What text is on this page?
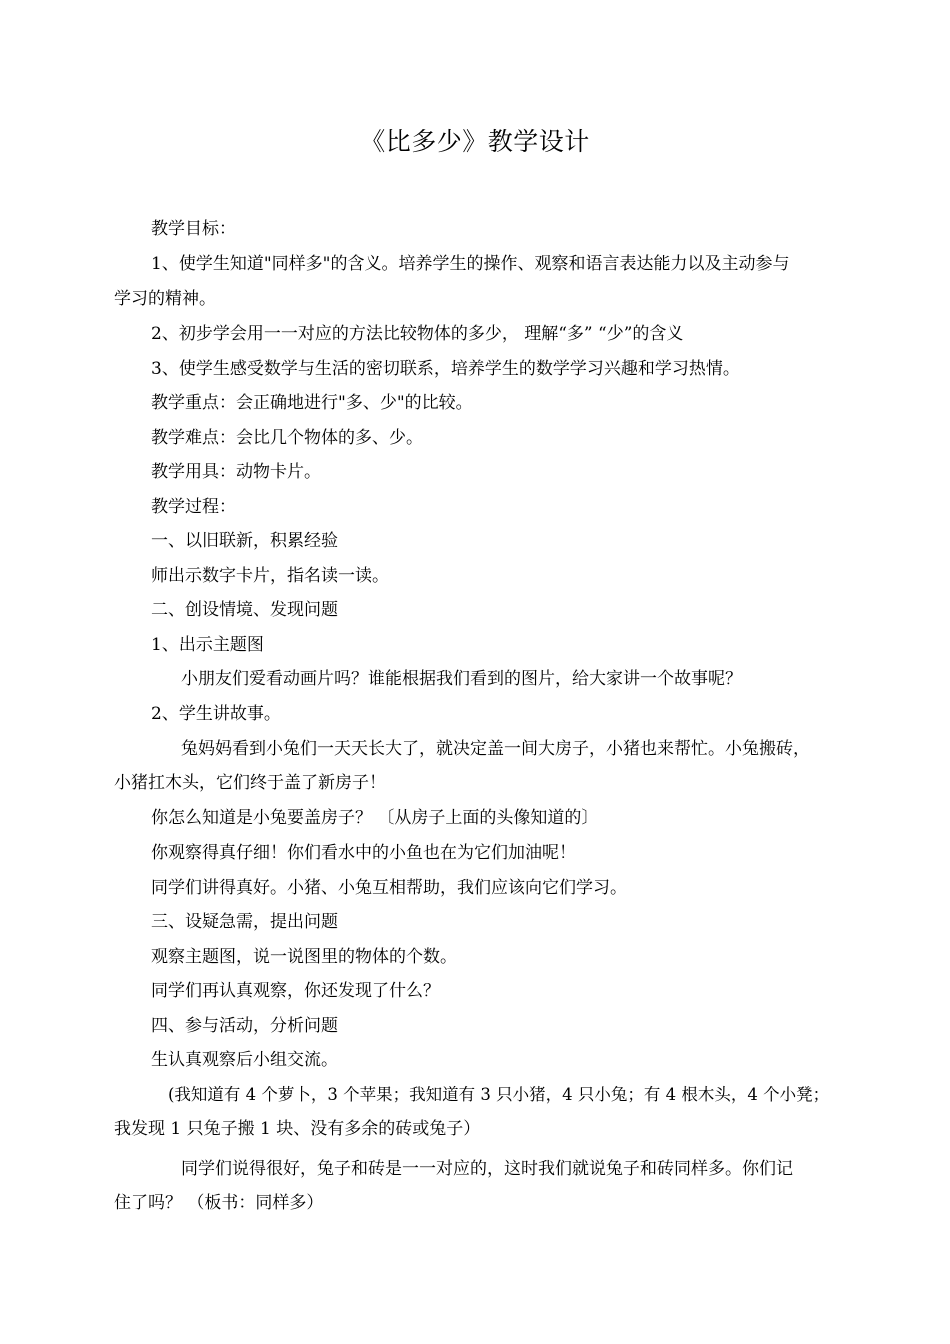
《比多少》教学设计
教学目标：
1、使学生知道"同样多"的含义。培养学生的操作、观察和语言表达能力以及主动参与
学习的精神。
2、初步学会用一一对应的方法比较物体的多少， 理解“多” “少”的含义
3、使学生感受数学与生活的密切联系，培养学生的数学学习兴趣和学习热情。
教学重点：会正确地进行"多、少"的比较。
教学难点：会比几个物体的多、少。
教学用具：动物卡片。
教学过程：
一、以旧联新，积累经验
师出示数字卡片，指名读一读。
二、创设情境、发现问题
1、出示主题图
小朋友们爱看动画片吗？谁能根据我们看到的图片，给大家讲一个故事呢？
2、学生讲故事。
兔妈妈看到小兔们一天天长大了，就决定盖一间大房子，小猪也来帮忙。小兔搬砖，
小猪扛木头，它们终于盖了新房子！
你怎么知道是小兔要盖房子？ 〔从房子上面的头像知道的〕
你观察得真仔细！你们看水中的小鱼也在为它们加油呢！
同学们讲得真好。小猪、小兔互相帮助，我们应该向它们学习。
三、设疑急需，提出问题
观察主题图，说一说图里的物体的个数。
同学们再认真观察，你还发现了什么？
四、参与活动，分析问题
生认真观察后小组交流。
(我知道有 4 个萝卜，3 个苹果；我知道有 3 只小猪，4 只小兔；有 4 根木头，4 个小凳；
我发现 1 只兔子搬 1 块、没有多余的砖或兔子）
同学们说得很好，兔子和砖是一一对应的，这时我们就说兔子和砖同样多。你们记
住了吗？ （板书：同样多）
